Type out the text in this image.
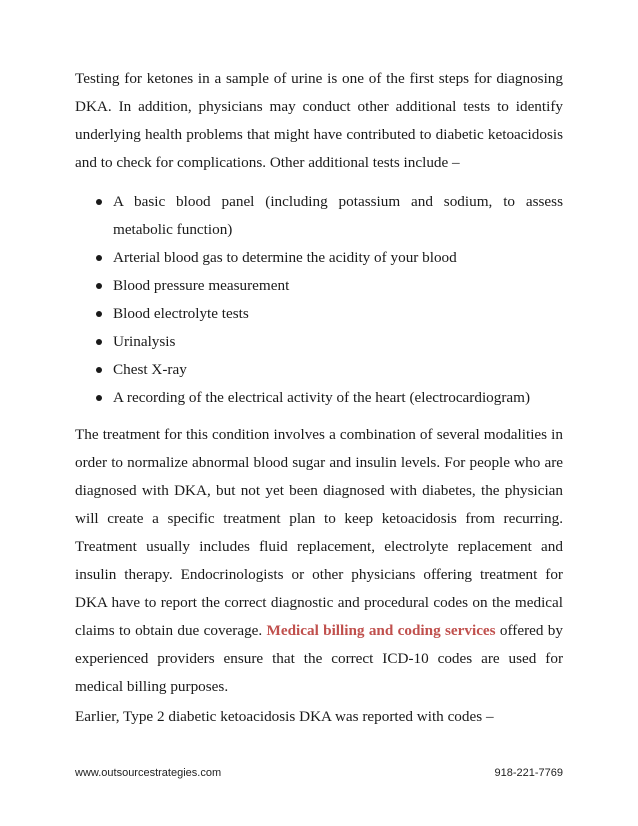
Testing for ketones in a sample of urine is one of the first steps for diagnosing DKA. In addition, physicians may conduct other additional tests to identify underlying health problems that might have contributed to diabetic ketoacidosis and to check for complications. Other additional tests include –

A basic blood panel (including potassium and sodium, to assess metabolic function)
Arterial blood gas to determine the acidity of your blood
Blood pressure measurement
Blood electrolyte tests
Urinalysis
Chest X-ray
A recording of the electrical activity of the heart (electrocardiogram)

The treatment for this condition involves a combination of several modalities in order to normalize abnormal blood sugar and insulin levels. For people who are diagnosed with DKA, but not yet been diagnosed with diabetes, the physician will create a specific treatment plan to keep ketoacidosis from recurring. Treatment usually includes fluid replacement, electrolyte replacement and insulin therapy. Endocrinologists or other physicians offering treatment for DKA have to report the correct diagnostic and procedural codes on the medical claims to obtain due coverage. Medical billing and coding services offered by experienced providers ensure that the correct ICD-10 codes are used for medical billing purposes.

Earlier, Type 2 diabetic ketoacidosis DKA was reported with codes –

www.outsourcestrategies.com	918-221-7769
